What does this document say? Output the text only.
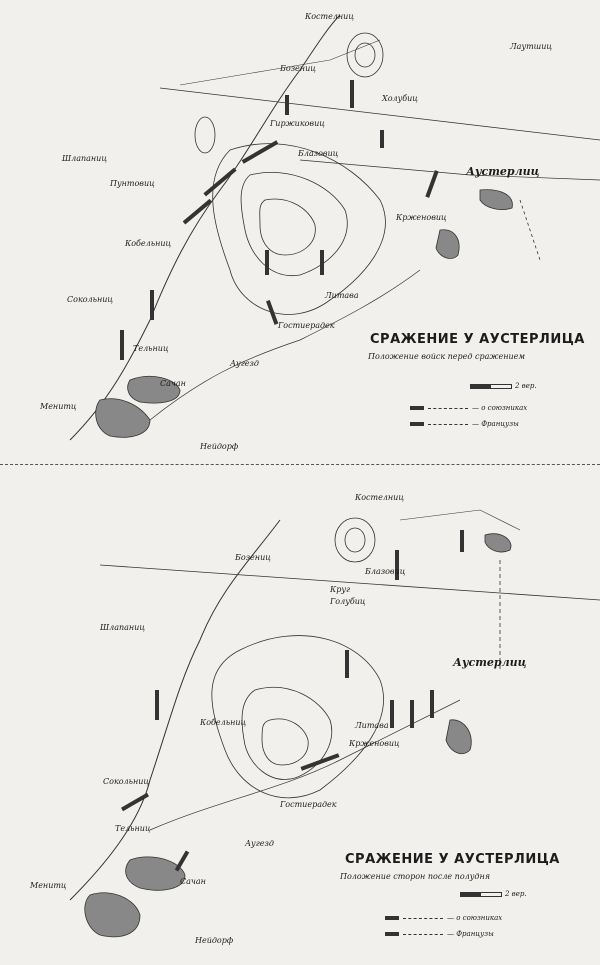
Костелниц
Лаутшиц
Аустерлиц
Крженовиц
Блазовиц
Гостиерадек
Тельниц
Сокольниц
Аугезд
Менитц
Сачан
Шлапаниц
Пунтовиц
Гиржиковиц
Кобельниц
Нейдорф
Литава
Бозениц
Холубиц
СРАЖЕНИЕ У АУСТЕРЛИЦА
Положение войск перед сражением
2 вер.
— о союзниках
— Французы
Костелниц
Аустерлиц
Голубиц
Круг
Блазовиц
Крженовиц
Тельниц
Сокольниц
Аугезд
Менитц	Сачан
Шлапаниц
Кобельниц	Литава
Нейдорф
Бозениц
Гостиерадек
СРАЖЕНИЕ У АУСТЕРЛИЦА
Положение сторон после полудня
2 вер.
— о союзниках
— Французы
